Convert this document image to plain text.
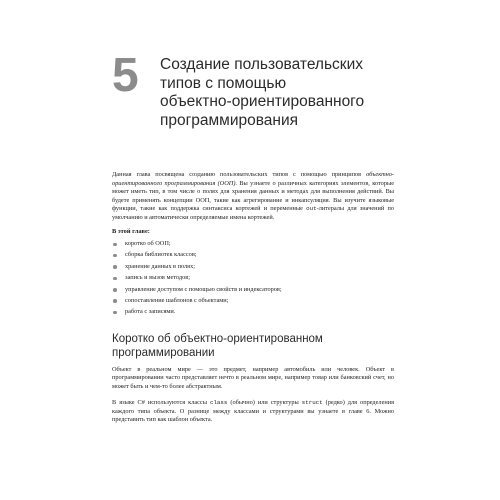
5 Создание пользовательских
типов с помощью
объектно-ориентированного
программирования

Данная глава посвящена созданию пользовательских типов с помощью принципов объектно-ориентированного программирования (ООП). Вы узнаете о различных категориях элементов, которые может иметь тип, в том числе о полях для хранения данных и методах для выполнения действий. Вы будете применять концепции ООП, такие как агрегирование и инкапсуляция. Вы изучите языковые функции, такие как поддержка синтаксиса кортежей и переменные out-литералы для значений по умолчанию и автоматически определяемые имена кортежей.

В этой главе:
коротко об ООП;
сборка библиотек классов;
хранение данных в полях;
запись и вызов методов;
управление доступом с помощью свойств и индексаторов;
сопоставление шаблонов с объектами;
работа с записями.
Коротко об объектно-ориентированном
программировании

Объект в реальном мире — это предмет, например автомобиль или человек. Объект в программировании часто представляет нечто в реальном мире, например товар или банковский счет, но может быть и чем-то более абстрактным.

В языке C# используются классы class (обычно) или структуры struct (редко) для определения каждого типа объекта. О разнице между классами и структурами вы узнаете в главе 6. Можно представить тип как шаблон объекта.
